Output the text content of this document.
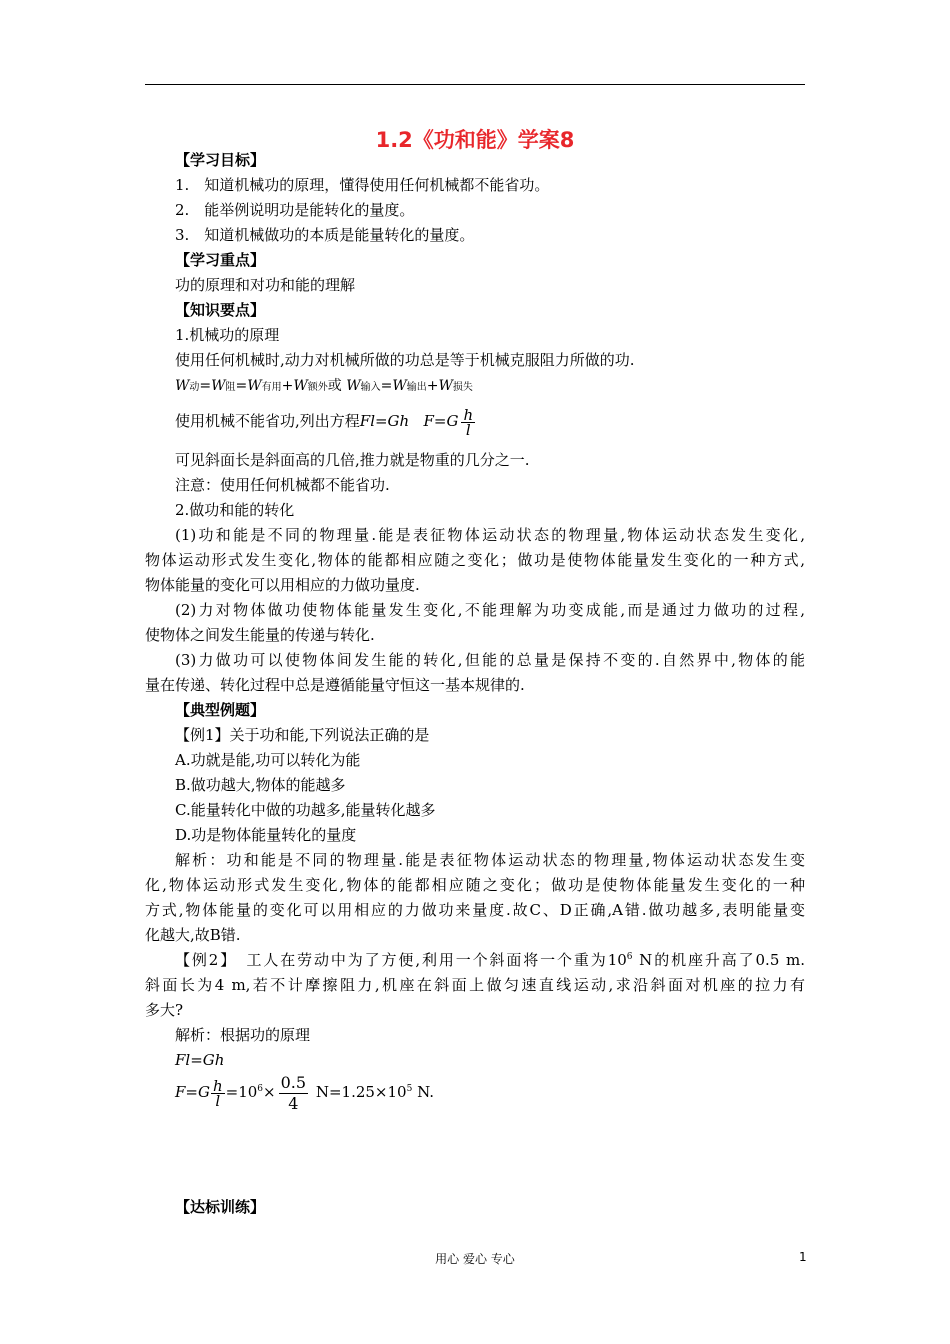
1.2《功和能》学案8
【学习目标】
1.　知道机械功的原理，懂得使用任何机械都不能省功。
2.　能举例说明功是能转化的量度。
3.　知道机械做功的本质是能量转化的量度。
【学习重点】
功的原理和对功和能的理解
【知识要点】
1.机械功的原理
使用任何机械时,动力对机械所做的功总是等于机械克服阻力所做的功.
W动=W阻=W有用+W额外或 W输入=W输出+W损失
使用机械不能省功,列出方程Fl=Gh $F=G \frac{h}{l}$
可见斜面长是斜面高的几倍,推力就是物重的几分之一.
注意：使用任何机械都不能省功.
2.做功和能的转化
(1)功和能是不同的物理量.能是表征物体运动状态的物理量,物体运动状态发生变化,
物体运动形式发生变化,物体的能都相应随之变化；做功是使物体能量发生变化的一种方式,
物体能量的变化可以用相应的力做功量度.
(2)力对物体做功使物体能量发生变化,不能理解为功变成能,而是通过力做功的过程,
使物体之间发生能量的传递与转化.
(3)力做功可以使物体间发生能的转化,但能的总量是保持不变的.自然界中,物体的能
量在传递、转化过程中总是遵循能量守恒这一基本规律的.
【典型例题】
【例1】关于功和能,下列说法正确的是
A.功就是能,功可以转化为能
B.做功越大,物体的能越多
C.能量转化中做的功越多,能量转化越多
D.功是物体能量转化的量度
解析：功和能是不同的物理量.能是表征物体运动状态的物理量,物体运动状态发生变
化,物体运动形式发生变化,物体的能都相应随之变化；做功是使物体能量发生变化的一种
方式,物体能量的变化可以用相应的力做功来量度.故C、D正确,A错.做功越多,表明能量变
化越大,故B错.
【例2】　工人在劳动中为了方便,利用一个斜面将一个重为$10^6$ N的机座升高了0.5 m.
斜面长为4 m,若不计摩擦阻力,机座在斜面上做匀速直线运动,求沿斜面对机座的拉力有
多大?
解析：根据功的原理
Fl=Gh
$F=G \frac{h}{l} =10^6\times \frac{0.5}{4} N=1.25\times 10^5$ N.
【达标训练】
用心 爱心 专心	1
